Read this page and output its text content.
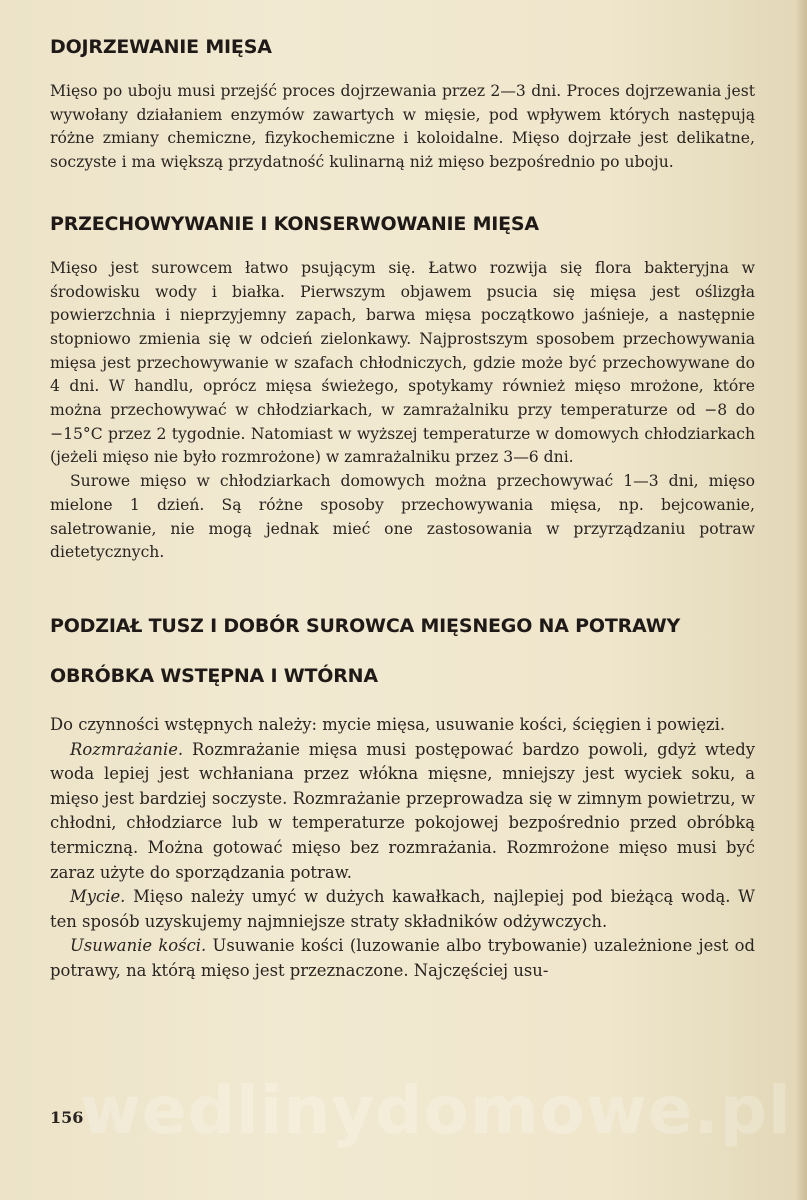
DOJRZEWANIE MIĘSA

Mięso po uboju musi przejść proces dojrzewania przez 2—3 dni. Proces dojrzewania jest wywołany działaniem enzymów zawartych w mięsie, pod wpływem których następują różne zmiany chemiczne, fizykochemiczne i koloidalne. Mięso dojrzałe jest delikatne, soczyste i ma większą przydatność kulinarną niż mięso bezpośrednio po uboju.

PRZECHOWYWANIE I KONSERWOWANIE MIĘSA

Mięso jest surowcem łatwo psującym się. Łatwo rozwija się flora bakteryjna w środowisku wody i białka. Pierwszym objawem psucia się mięsa jest oślizgła powierzchnia i nieprzyjemny zapach, barwa mięsa początkowo jaśnieje, a następnie stopniowo zmienia się w odcień zielonkawy. Najprostszym sposobem przechowywania mięsa jest przechowywanie w szafach chłodniczych, gdzie może być przechowywane do 4 dni. W handlu, oprócz mięsa świeżego, spotykamy również mięso mrożone, które można przechowywać w chłodziarkach, w zamrażalniku przy temperaturze od −8 do −15°C przez 2 tygodnie. Natomiast w wyższej temperaturze w domowych chłodziarkach (jeżeli mięso nie było rozmrożone) w zamrażalniku przez 3—6 dni.

Surowe mięso w chłodziarkach domowych można przechowywać 1—3 dni, mięso mielone 1 dzień. Są różne sposoby przechowywania mięsa, np. bejcowanie, saletrowanie, nie mogą jednak mieć one zastosowania w przyrządzaniu potraw dietetycznych.

PODZIAŁ TUSZ I DOBÓR SUROWCA MIĘSNEGO NA POTRAWY
OBRÓBKA WSTĘPNA I WTÓRNA

Do czynności wstępnych należy: mycie mięsa, usuwanie kości, ścięgien i powięzi.

Rozmrażanie. Rozmrażanie mięsa musi postępować bardzo powoli, gdyż wtedy woda lepiej jest wchłaniana przez włókna mięsne, mniejszy jest wyciek soku, a mięso jest bardziej soczyste. Rozmrażanie przeprowadza się w zimnym powietrzu, w chłodni, chłodziarce lub w temperaturze pokojowej bezpośrednio przed obróbką termiczną. Można gotować mięso bez rozmrażania. Rozmrożone mięso musi być zaraz użyte do sporządzania potraw.

Mycie. Mięso należy umyć w dużych kawałkach, najlepiej pod bieżącą wodą. W ten sposób uzyskujemy najmniejsze straty składników odżywczych.

Usuwanie kości. Usuwanie kości (luzowanie albo trybowanie) uzależnione jest od potrawy, na którą mięso jest przeznaczone. Najczęściej usu-

wedlinydomowe.pl
156
